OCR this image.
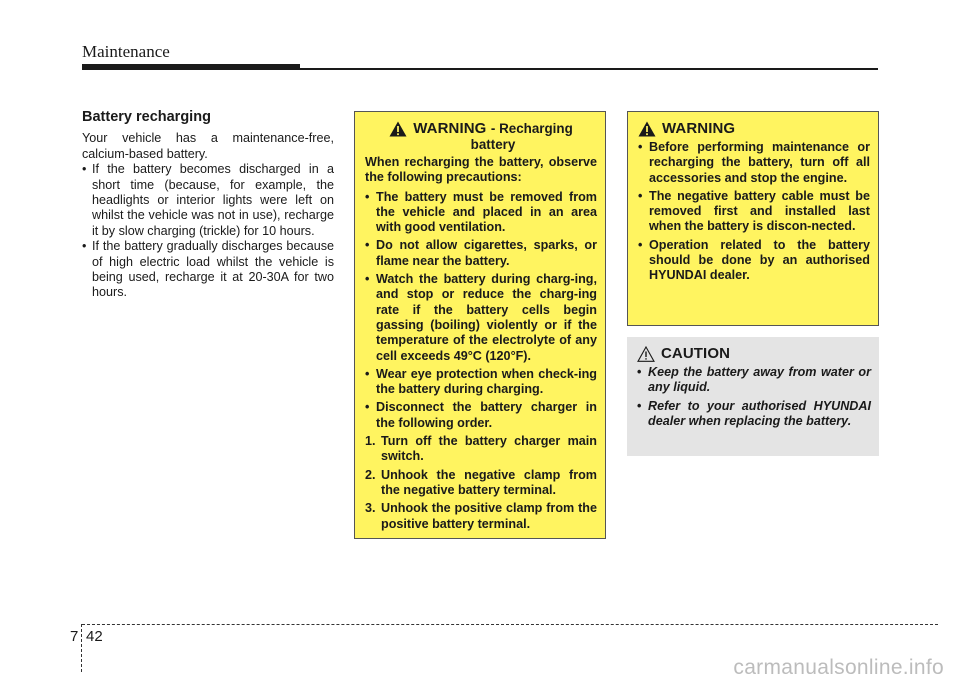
Maintenance
Battery recharging

Your vehicle has a maintenance-free, calcium-based battery.

• If the battery becomes discharged in a short time (because, for example, the headlights or interior lights were left on whilst the vehicle was not in use), recharge it by slow charging (trickle) for 10 hours.
• If the battery gradually discharges because of high electric load whilst the vehicle is being used, recharge it at 20-30A for two hours.
WARNING - Recharging
battery

When recharging the battery, observe the following precautions:

• The battery must be removed from the vehicle and placed in an area with good ventilation.
• Do not allow cigarettes, sparks, or flame near the battery.
• Watch the battery during charg-ing, and stop or reduce the charg-ing rate if the battery cells begin gassing (boiling) violently or if the temperature of the electrolyte of any cell exceeds 49°C (120°F).
• Wear eye protection when check-ing the battery during charging.
• Disconnect the battery charger in the following order.
1. Turn off the battery charger main switch.
2. Unhook the negative clamp from the negative battery terminal.
3. Unhook the positive clamp from the positive battery terminal.
WARNING
• Before performing maintenance or recharging the battery, turn off all accessories and stop the engine.
• The negative battery cable must be removed first and installed last when the battery is discon-nected.
• Operation related to the battery should be done by an authorised HYUNDAI dealer.
CAUTION
• Keep the battery away from water or any liquid.
• Refer to your authorised HYUNDAI dealer when replacing the battery.
7 42
carmanualsonline.info
